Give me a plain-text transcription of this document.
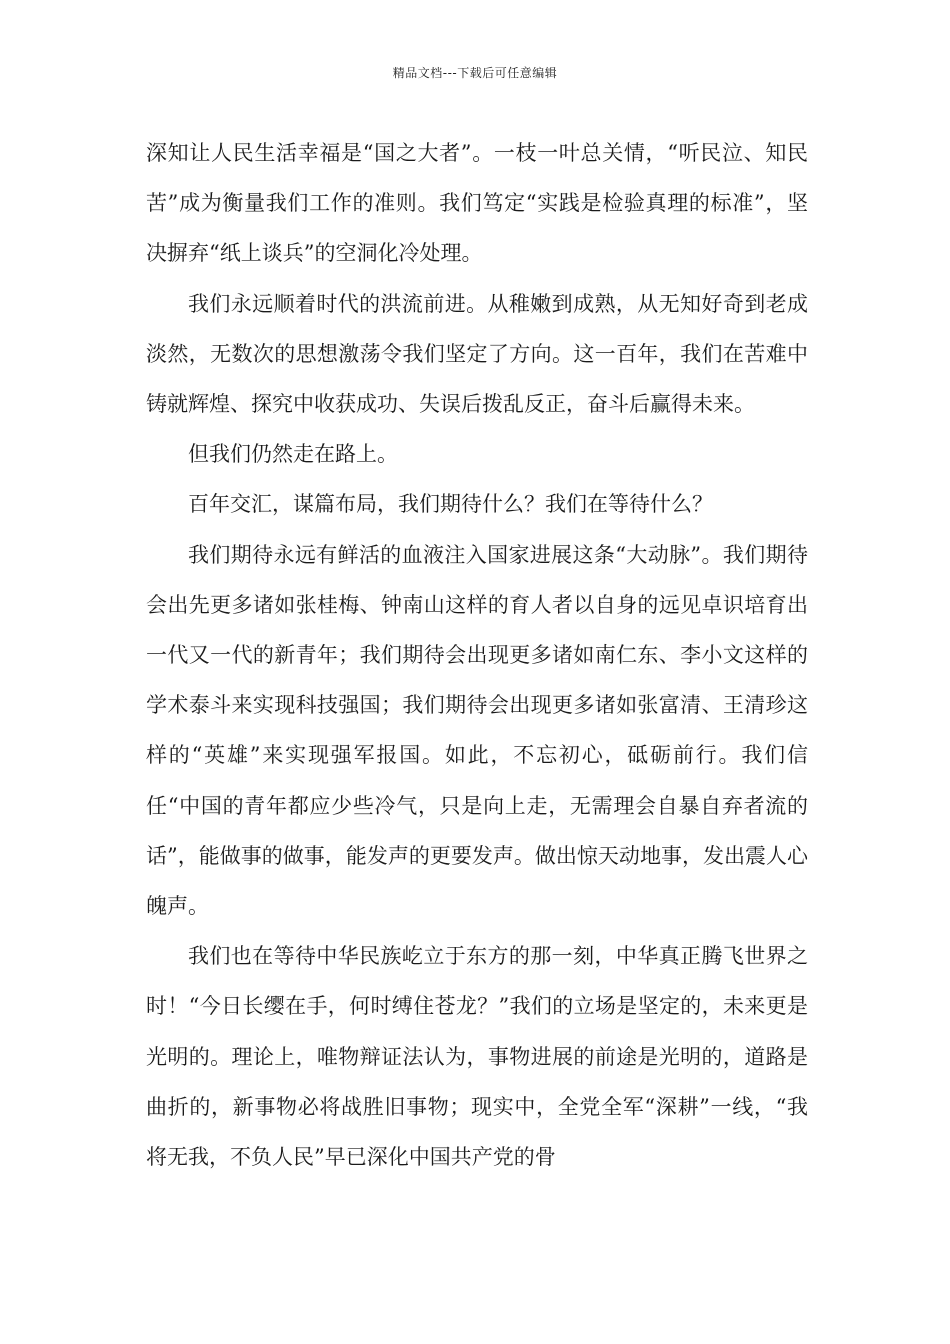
精品文档---下载后可任意编辑

深知让人民生活幸福是“国之大者”。一枝一叶总关情，“听民泣、知民苦”成为衡量我们工作的准则。我们笃定“实践是检验真理的标准”，坚决摒弃“纸上谈兵”的空洞化冷处理。

我们永远顺着时代的洪流前进。从稚嫩到成熟，从无知好奇到老成淡然，无数次的思想激荡令我们坚定了方向。这一百年，我们在苦难中铸就辉煌、探究中收获成功、失误后拨乱反正，奋斗后赢得未来。

但我们仍然走在路上。

百年交汇，谋篇布局，我们期待什么？我们在等待什么？

我们期待永远有鲜活的血液注入国家进展这条“大动脉”。我们期待会出先更多诸如张桂梅、钟南山这样的育人者以自身的远见卓识培育出一代又一代的新青年；我们期待会出现更多诸如南仁东、李小文这样的学术泰斗来实现科技强国；我们期待会出现更多诸如张富清、王清珍这样的“英雄”来实现强军报国。如此，不忘初心，砥砺前行。我们信任“中国的青年都应少些冷气，只是向上走，无需理会自暴自弃者流的话”，能做事的做事，能发声的更要发声。做出惊天动地事，发出震人心魄声。

我们也在等待中华民族屹立于东方的那一刻，中华真正腾飞世界之时！“今日长缨在手，何时缚住苍龙？”我们的立场是坚定的，未来更是光明的。理论上，唯物辩证法认为，事物进展的前途是光明的，道路是曲折的，新事物必将战胜旧事物；现实中，全党全军“深耕”一线，“我将无我，不负人民”早已深化中国共产党的骨
